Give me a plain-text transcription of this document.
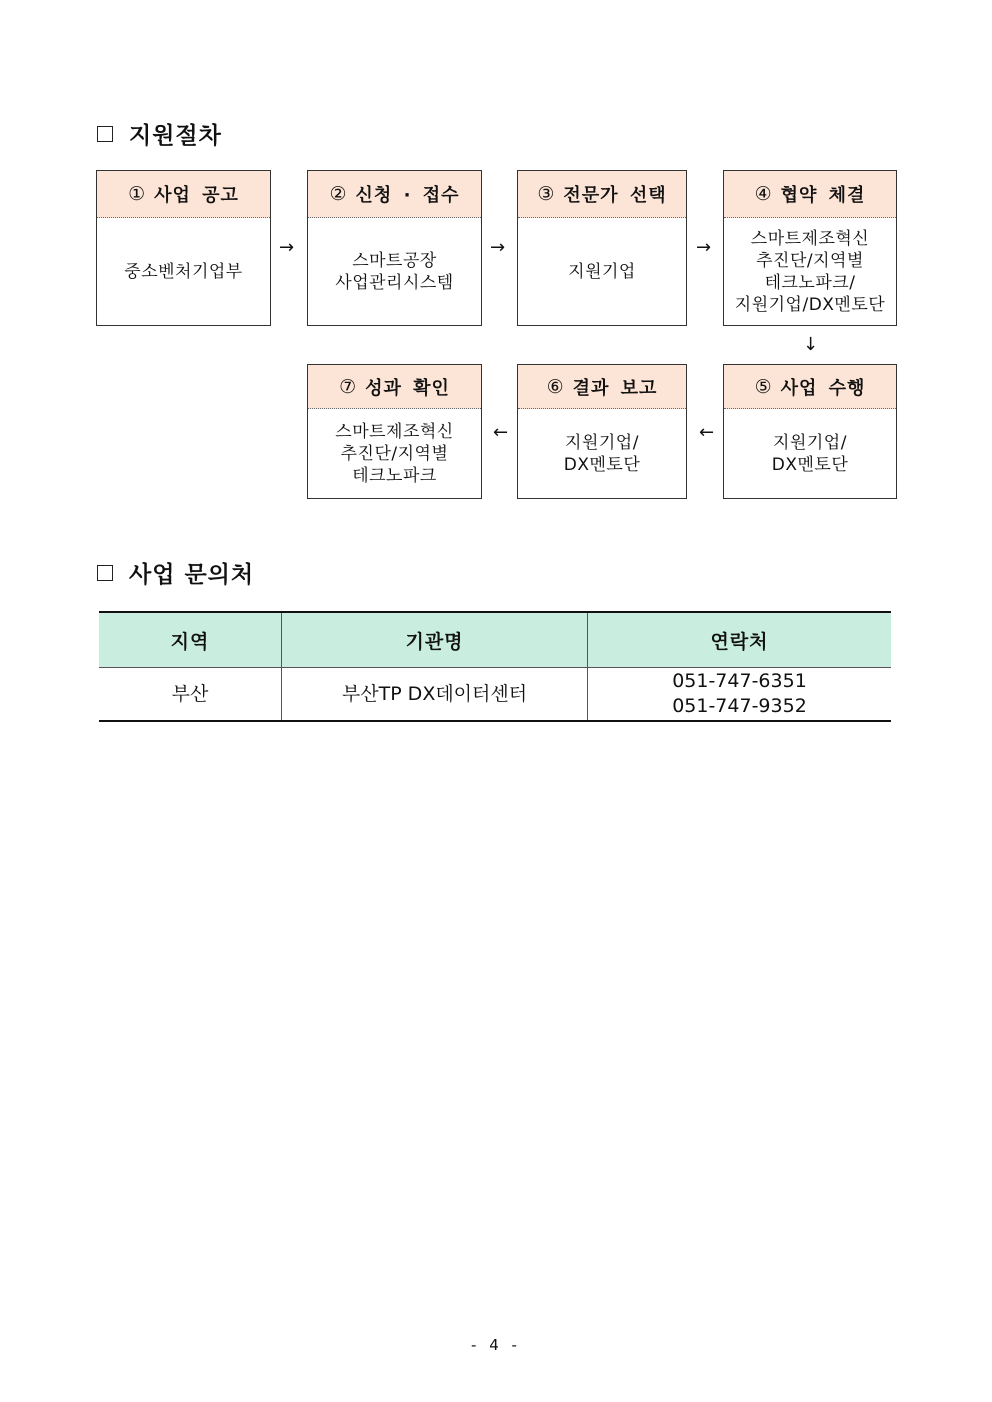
지원절차
① 사업 공고
중소벤처기업부
② 신청 · 접수
스마트공장
사업관리시스템
③ 전문가 선택
지원기업
④ 협약 체결
스마트제조혁신
추진단/지역별
테크노파크/
지원기업/DX멘토단
→	→	→
↓
⑦ 성과 확인
스마트제조혁신
추진단/지역별
테크노파크
⑥ 결과 보고
지원기업/
DX멘토단
⑤ 사업 수행
지원기업/
DX멘토단
←	←
사업 문의처
지역	기관명	연락처
부산	부산TP DX데이터센터	051-747-6351
051-747-9352
- 4 -
